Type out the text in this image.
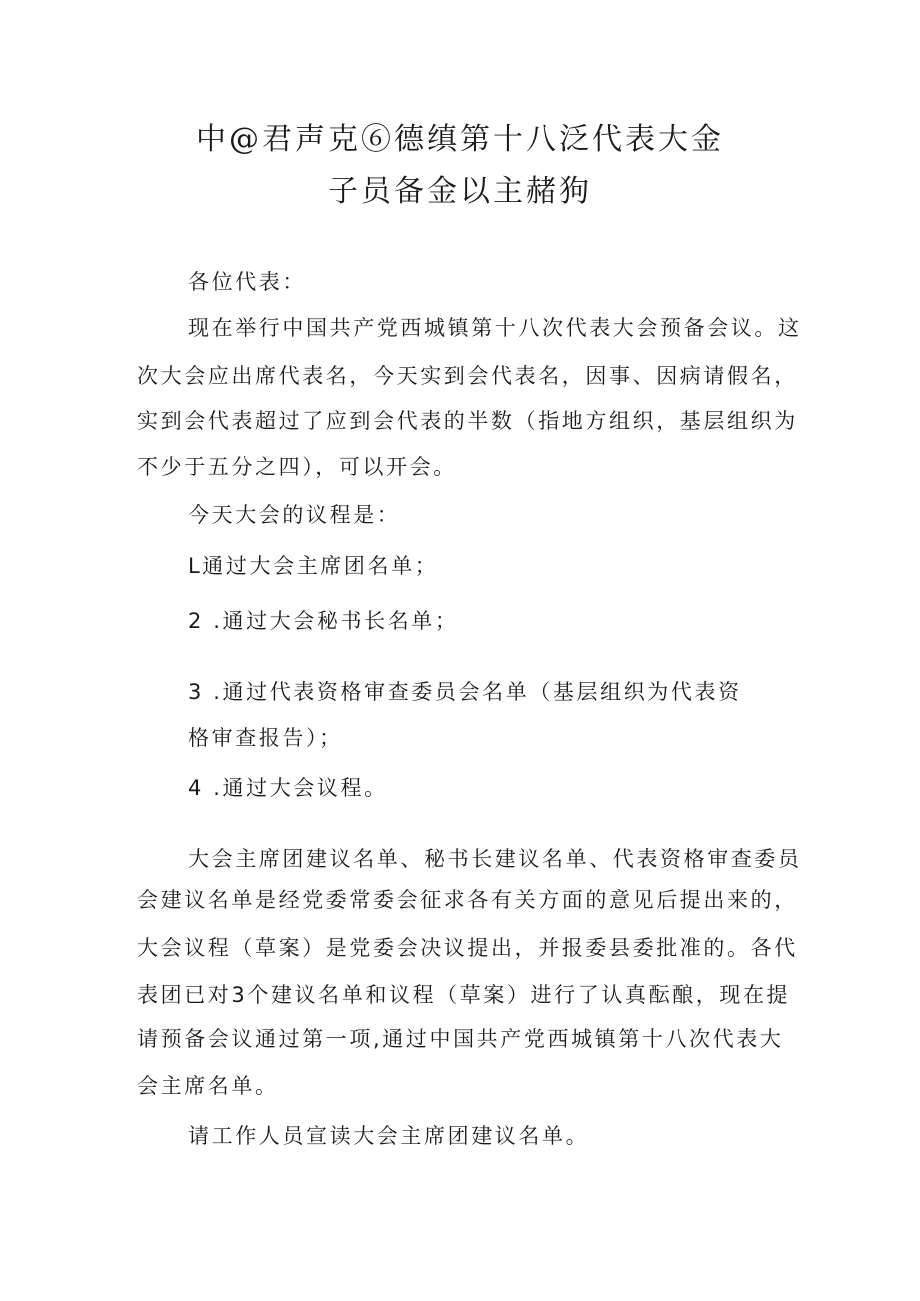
中@君声克⑥德缜第十八泛代表大金
子员备金以主赭狗

各位代表：

现在举行中国共产党西城镇第十八次代表大会预备会议。这

次大会应出席代表名，今天实到会代表名，因事、因病请假名，

实到会代表超过了应到会代表的半数（指地方组织，基层组织为

不少于五分之四），可以开会。

今天大会的议程是：

L通过大会主席团名单；

2 .通过大会秘书长名单；

3 .通过代表资格审查委员会名单（基层组织为代表资

格审查报告）；

4 .通过大会议程。

大会主席团建议名单、秘书长建议名单、代表资格审查委员

会建议名单是经党委常委会征求各有关方面的意见后提出来的，

大会议程（草案）是党委会决议提出，并报委县委批准的。各代

表团已对3个建议名单和议程（草案）进行了认真酝酿，现在提

请预备会议通过第一项,通过中国共产党西城镇第十八次代表大

会主席名单。

请工作人员宣读大会主席团建议名单。
